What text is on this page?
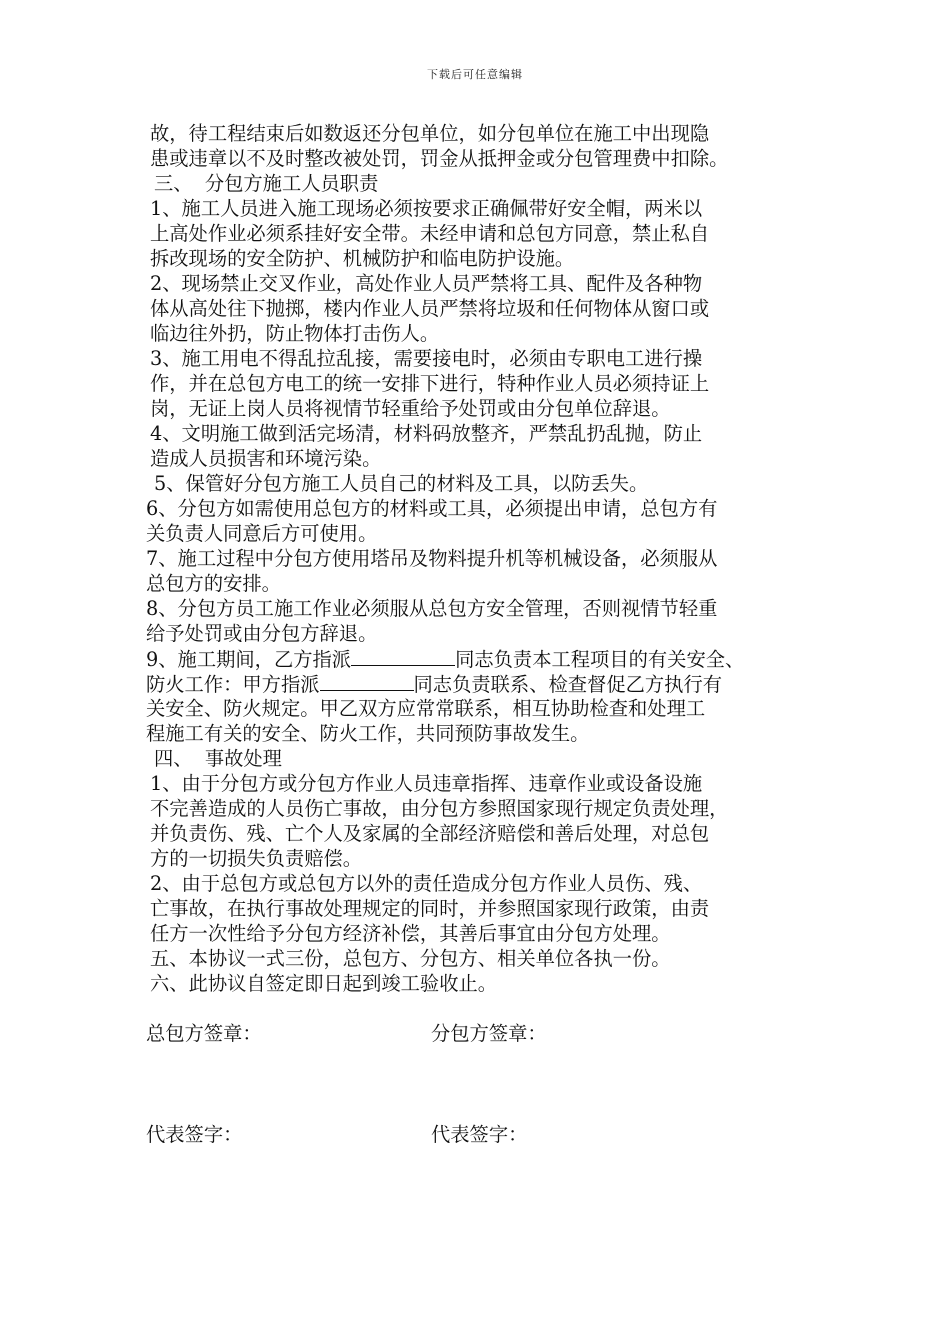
下载后可任意编辑
故，待工程结束后如数返还分包单位，如分包单位在施工中出现隐
患或违章以不及时整改被处罚，罚金从抵押金或分包管理费中扣除。
三、  分包方施工人员职责
1、施工人员进入施工现场必须按要求正确佩带好安全帽，两米以
上高处作业必须系挂好安全带。未经申请和总包方同意，禁止私自
拆改现场的安全防护、机械防护和临电防护设施。
2、现场禁止交叉作业，高处作业人员严禁将工具、配件及各种物
体从高处往下抛掷，楼内作业人员严禁将垃圾和任何物体从窗口或
临边往外扔，防止物体打击伤人。
3、施工用电不得乱拉乱接，需要接电时，必须由专职电工进行操
作，并在总包方电工的统一安排下进行，特种作业人员必须持证上
岗，无证上岗人员将视情节轻重给予处罚或由分包单位辞退。
4、文明施工做到活完场清，材料码放整齐，严禁乱扔乱抛，防止
造成人员损害和环境污染。
5、保管好分包方施工人员自己的材料及工具，以防丢失。
6、分包方如需使用总包方的材料或工具，必须提出申请，总包方有
关负责人同意后方可使用。
7、施工过程中分包方使用塔吊及物料提升机等机械设备，必须服从
总包方的安排。
8、分包方员工施工作业必须服从总包方安全管理，否则视情节轻重
给予处罚或由分包方辞退。
9、施工期间，乙方指派	同志负责本工程项目的有关安全、
防火工作：甲方指派	同志负责联系、检查督促乙方执行有
关安全、防火规定。甲乙双方应常常联系，相互协助检查和处理工
程施工有关的安全、防火工作，共同预防事故发生。
四、  事故处理
1、由于分包方或分包方作业人员违章指挥、违章作业或设备设施
不完善造成的人员伤亡事故，由分包方参照国家现行规定负责处理，
并负责伤、残、亡个人及家属的全部经济赔偿和善后处理，对总包
方的一切损失负责赔偿。
2、由于总包方或总包方以外的责任造成分包方作业人员伤、残、
亡事故，在执行事故处理规定的同时，并参照国家现行政策，由责
任方一次性给予分包方经济补偿，其善后事宜由分包方处理。
五、本协议一式三份，总包方、分包方、相关单位各执一份。
六、此协议自签定即日起到竣工验收止。
总包方签章：	分包方签章：
代表签字：	代表签字：
